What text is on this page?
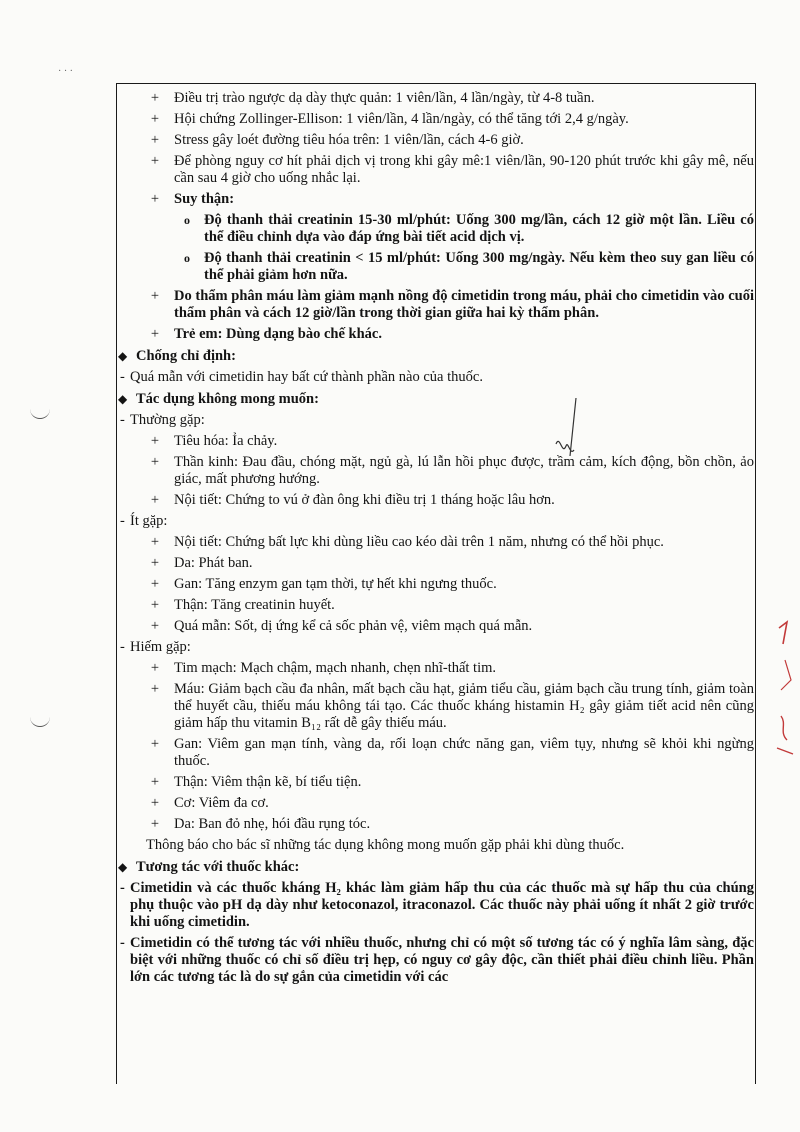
· · ·
+ Điều trị trào ngược dạ dày thực quản: 1 viên/lần, 4 lần/ngày, từ 4-8 tuần.
+ Hội chứng Zollinger-Ellison: 1 viên/lần, 4 lần/ngày, có thể tăng tới 2,4 g/ngày.
+ Stress gây loét đường tiêu hóa trên: 1 viên/lần, cách 4-6 giờ.
+ Để phòng nguy cơ hít phải dịch vị trong khi gây mê:1 viên/lần, 90-120 phút trước khi gây mê, nếu cần sau 4 giờ cho uống nhắc lại.
+ Suy thận:
o Độ thanh thải creatinin 15-30 ml/phút: Uống 300 mg/lần, cách 12 giờ một lần. Liều có thể điều chỉnh dựa vào đáp ứng bài tiết acid dịch vị.
o Độ thanh thải creatinin < 15 ml/phút: Uống 300 mg/ngày. Nếu kèm theo suy gan liều có thể phải giảm hơn nữa.
+ Do thẩm phân máu làm giảm mạnh nồng độ cimetidin trong máu, phải cho cimetidin vào cuối thẩm phân và cách 12 giờ/lần trong thời gian giữa hai kỳ thẩm phân.
+ Trẻ em: Dùng dạng bào chế khác.
◆ Chống chỉ định:
- Quá mẫn với cimetidin hay bất cứ thành phần nào của thuốc.
◆ Tác dụng không mong muốn:
- Thường gặp:
+ Tiêu hóa: Ỉa chảy.
+ Thần kinh: Đau đầu, chóng mặt, ngủ gà, lú lẫn hồi phục được, trầm cảm, kích động, bồn chồn, ảo giác, mất phương hướng.
+ Nội tiết: Chứng to vú ở đàn ông khi điều trị 1 tháng hoặc lâu hơn.
- Ít gặp:
+ Nội tiết: Chứng bất lực khi dùng liều cao kéo dài trên 1 năm, nhưng có thể hồi phục.
+ Da: Phát ban.
+ Gan: Tăng enzym gan tạm thời, tự hết khi ngưng thuốc.
+ Thận: Tăng creatinin huyết.
+ Quá mẫn: Sốt, dị ứng kể cả sốc phản vệ, viêm mạch quá mẫn.
- Hiếm gặp:
+ Tim mạch: Mạch chậm, mạch nhanh, chẹn nhĩ-thất tim.
+ Máu: Giảm bạch cầu đa nhân, mất bạch cầu hạt, giảm tiểu cầu, giảm bạch cầu trung tính, giảm toàn thể huyết cầu, thiếu máu không tái tạo. Các thuốc kháng histamin H₂ gây giảm tiết acid nên cũng giảm hấp thu vitamin B₁₂ rất dễ gây thiếu máu.
+ Gan: Viêm gan mạn tính, vàng da, rối loạn chức năng gan, viêm tụy, nhưng sẽ khỏi khi ngừng thuốc.
+ Thận: Viêm thận kẽ, bí tiểu tiện.
+ Cơ: Viêm đa cơ.
+ Da: Ban đỏ nhẹ, hói đầu rụng tóc.
Thông báo cho bác sĩ những tác dụng không mong muốn gặp phải khi dùng thuốc.
◆ Tương tác với thuốc khác:
- Cimetidin và các thuốc kháng H₂ khác làm giảm hấp thu của các thuốc mà sự hấp thu của chúng phụ thuộc vào pH dạ dày như ketoconazol, itraconazol. Các thuốc này phải uống ít nhất 2 giờ trước khi uống cimetidin.
- Cimetidin có thể tương tác với nhiều thuốc, nhưng chỉ có một số tương tác có ý nghĩa lâm sàng, đặc biệt với những thuốc có chỉ số điều trị hẹp, có nguy cơ gây độc, cần thiết phải điều chỉnh liều. Phần lớn các tương tác là do sự gắn của cimetidin với các
